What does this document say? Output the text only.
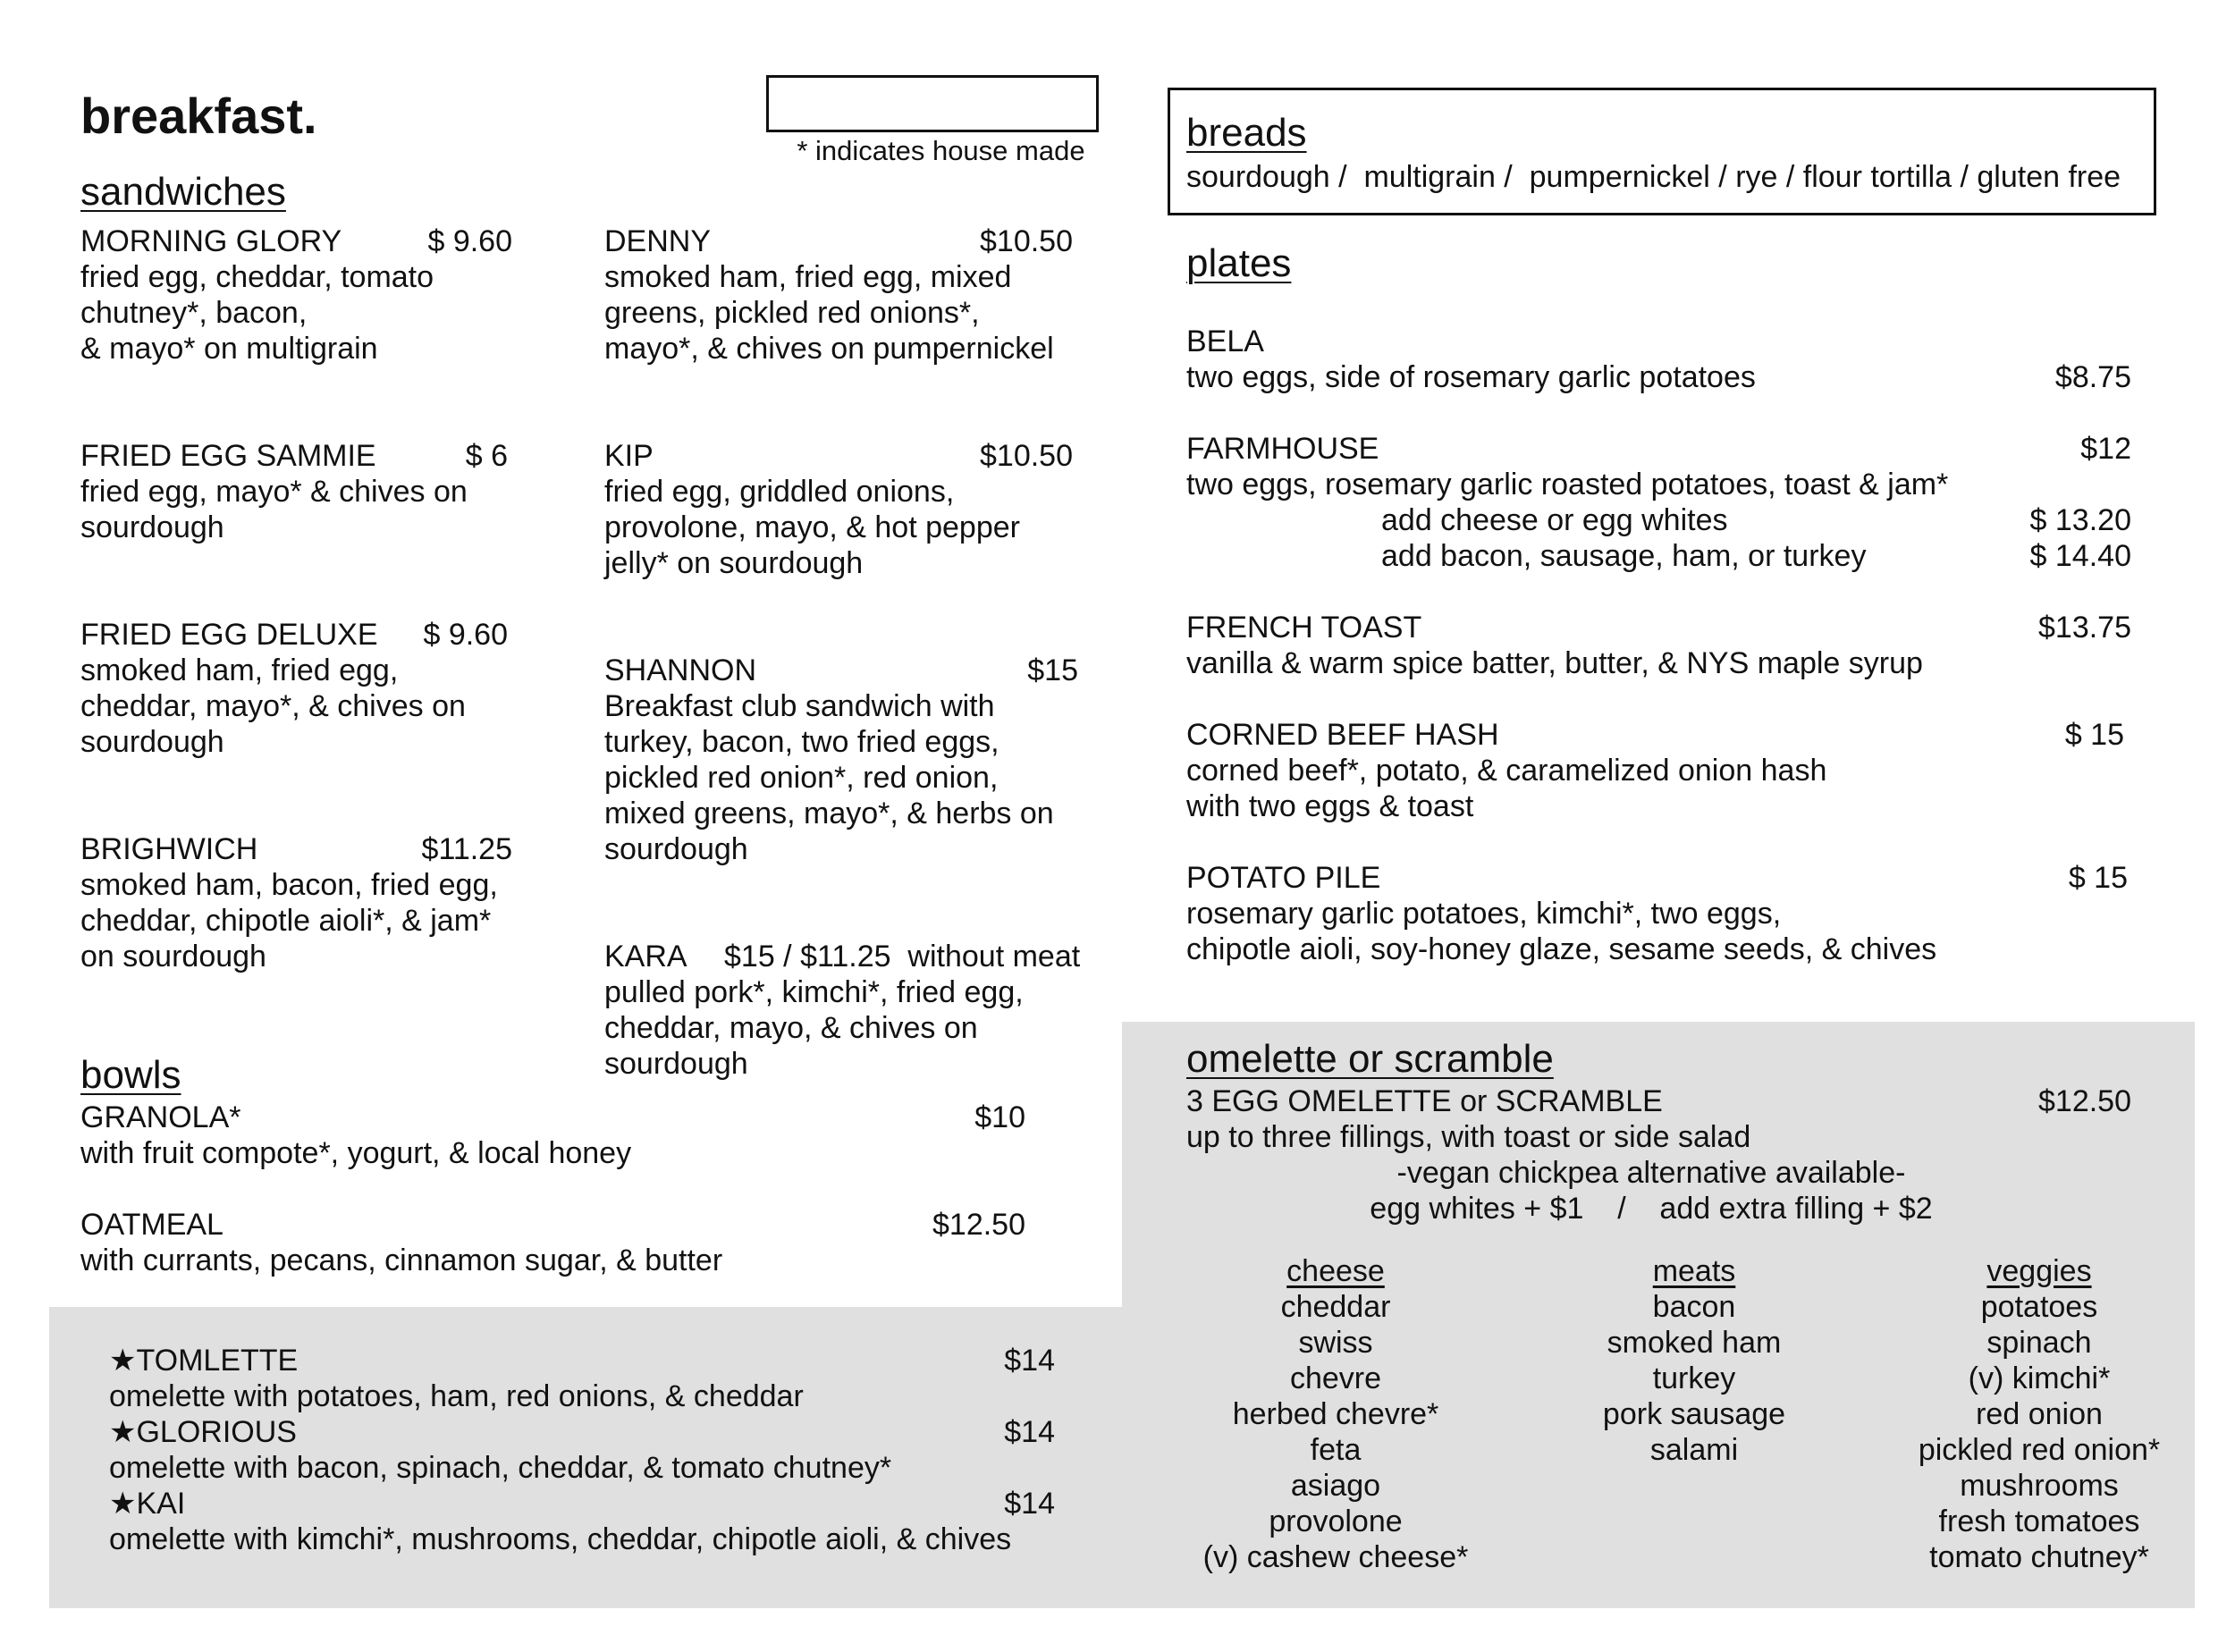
breakfast.

* indicates house made

sandwiches
MORNING GLORY	$ 9.60
fried egg, cheddar, tomato
chutney*, bacon,
& mayo* on multigrain
FRIED EGG SAMMIE	$ 6
fried egg, mayo* & chives on
sourdough
FRIED EGG DELUXE	$ 9.60
smoked ham, fried egg,
cheddar, mayo*, & chives on
sourdough
BRIGHWICH	$11.25
smoked ham, bacon, fried egg,
cheddar, chipotle aioli*, & jam*
on sourdough
DENNY	$10.50
smoked ham, fried egg, mixed
greens, pickled red onions*,
mayo*, & chives on pumpernickel
KIP	$10.50
fried egg, griddled onions,
provolone, mayo, & hot pepper
jelly* on sourdough
SHANNON	$15
Breakfast club sandwich with
turkey, bacon, two fried eggs,
pickled red onion*, red onion,
mixed greens, mayo*, & herbs on
sourdough
KARA $15 / $11.25  without meat
pulled pork*, kimchi*, fried egg,
cheddar, mayo, & chives on
sourdough
bowls
GRANOLA*	$10
with fruit compote*, yogurt, & local honey
OATMEAL	$12.50
with currants, pecans, cinnamon sugar, & butter
★TOMLETTE	$14
omelette with potatoes, ham, red onions, & cheddar
★GLORIOUS	$14
omelette with bacon, spinach, cheddar, & tomato chutney*
★KAI	$14
omelette with kimchi*, mushrooms, cheddar, chipotle aioli, & chives
breads
sourdough /  multigrain /  pumpernickel / rye / flour tortilla / gluten free
plates
BELA
two eggs, side of rosemary garlic potatoes	$8.75
FARMHOUSE	$12
two eggs, rosemary garlic roasted potatoes, toast & jam*
add cheese or egg whites	$ 13.20
add bacon, sausage, ham, or turkey	$ 14.40
FRENCH TOAST	$13.75
vanilla & warm spice batter, butter, & NYS maple syrup
CORNED BEEF HASH	$ 15
corned beef*, potato, & caramelized onion hash
with two eggs & toast
POTATO PILE	$ 15
rosemary garlic potatoes, kimchi*, two eggs,
chipotle aioli, soy-honey glaze, sesame seeds, & chives
omelette or scramble
3 EGG OMELETTE or SCRAMBLE	$12.50
up to three fillings, with toast or side salad
-vegan chickpea alternative available-
egg whites + $1    /    add extra filling + $2
cheese
cheddar
swiss
chevre
herbed chevre*
feta
asiago
provolone
(v) cashew cheese*
meats
bacon
smoked ham
turkey
pork sausage
salami
veggies
potatoes
spinach
(v) kimchi*
red onion
pickled red onion*
mushrooms
fresh tomatoes
tomato chutney*
